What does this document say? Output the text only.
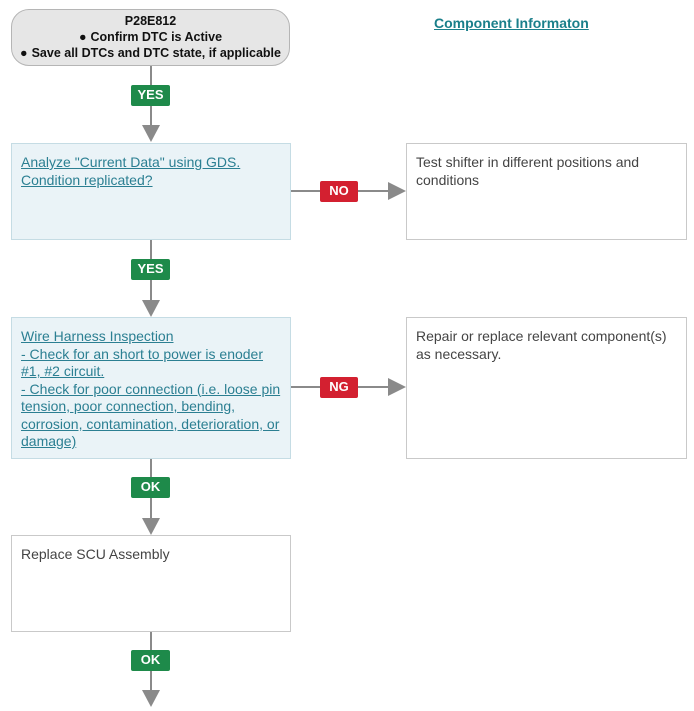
P28E812
● Confirm DTC is Active
● Save all DTCs and DTC state, if applicable
Component Informaton
YES
Analyze "Current Data" using GDS.
Condition replicated?
NO
Test shifter in different positions and conditions
YES
Wire Harness Inspection
- Check for an short to power is enoder #1, #2 circuit.
- Check for poor connection (i.e. loose pin tension, poor connection, bending, corrosion, contamination, deterioration, or damage)
NG
Repair or replace relevant component(s) as necessary.
OK
Replace SCU Assembly
OK
